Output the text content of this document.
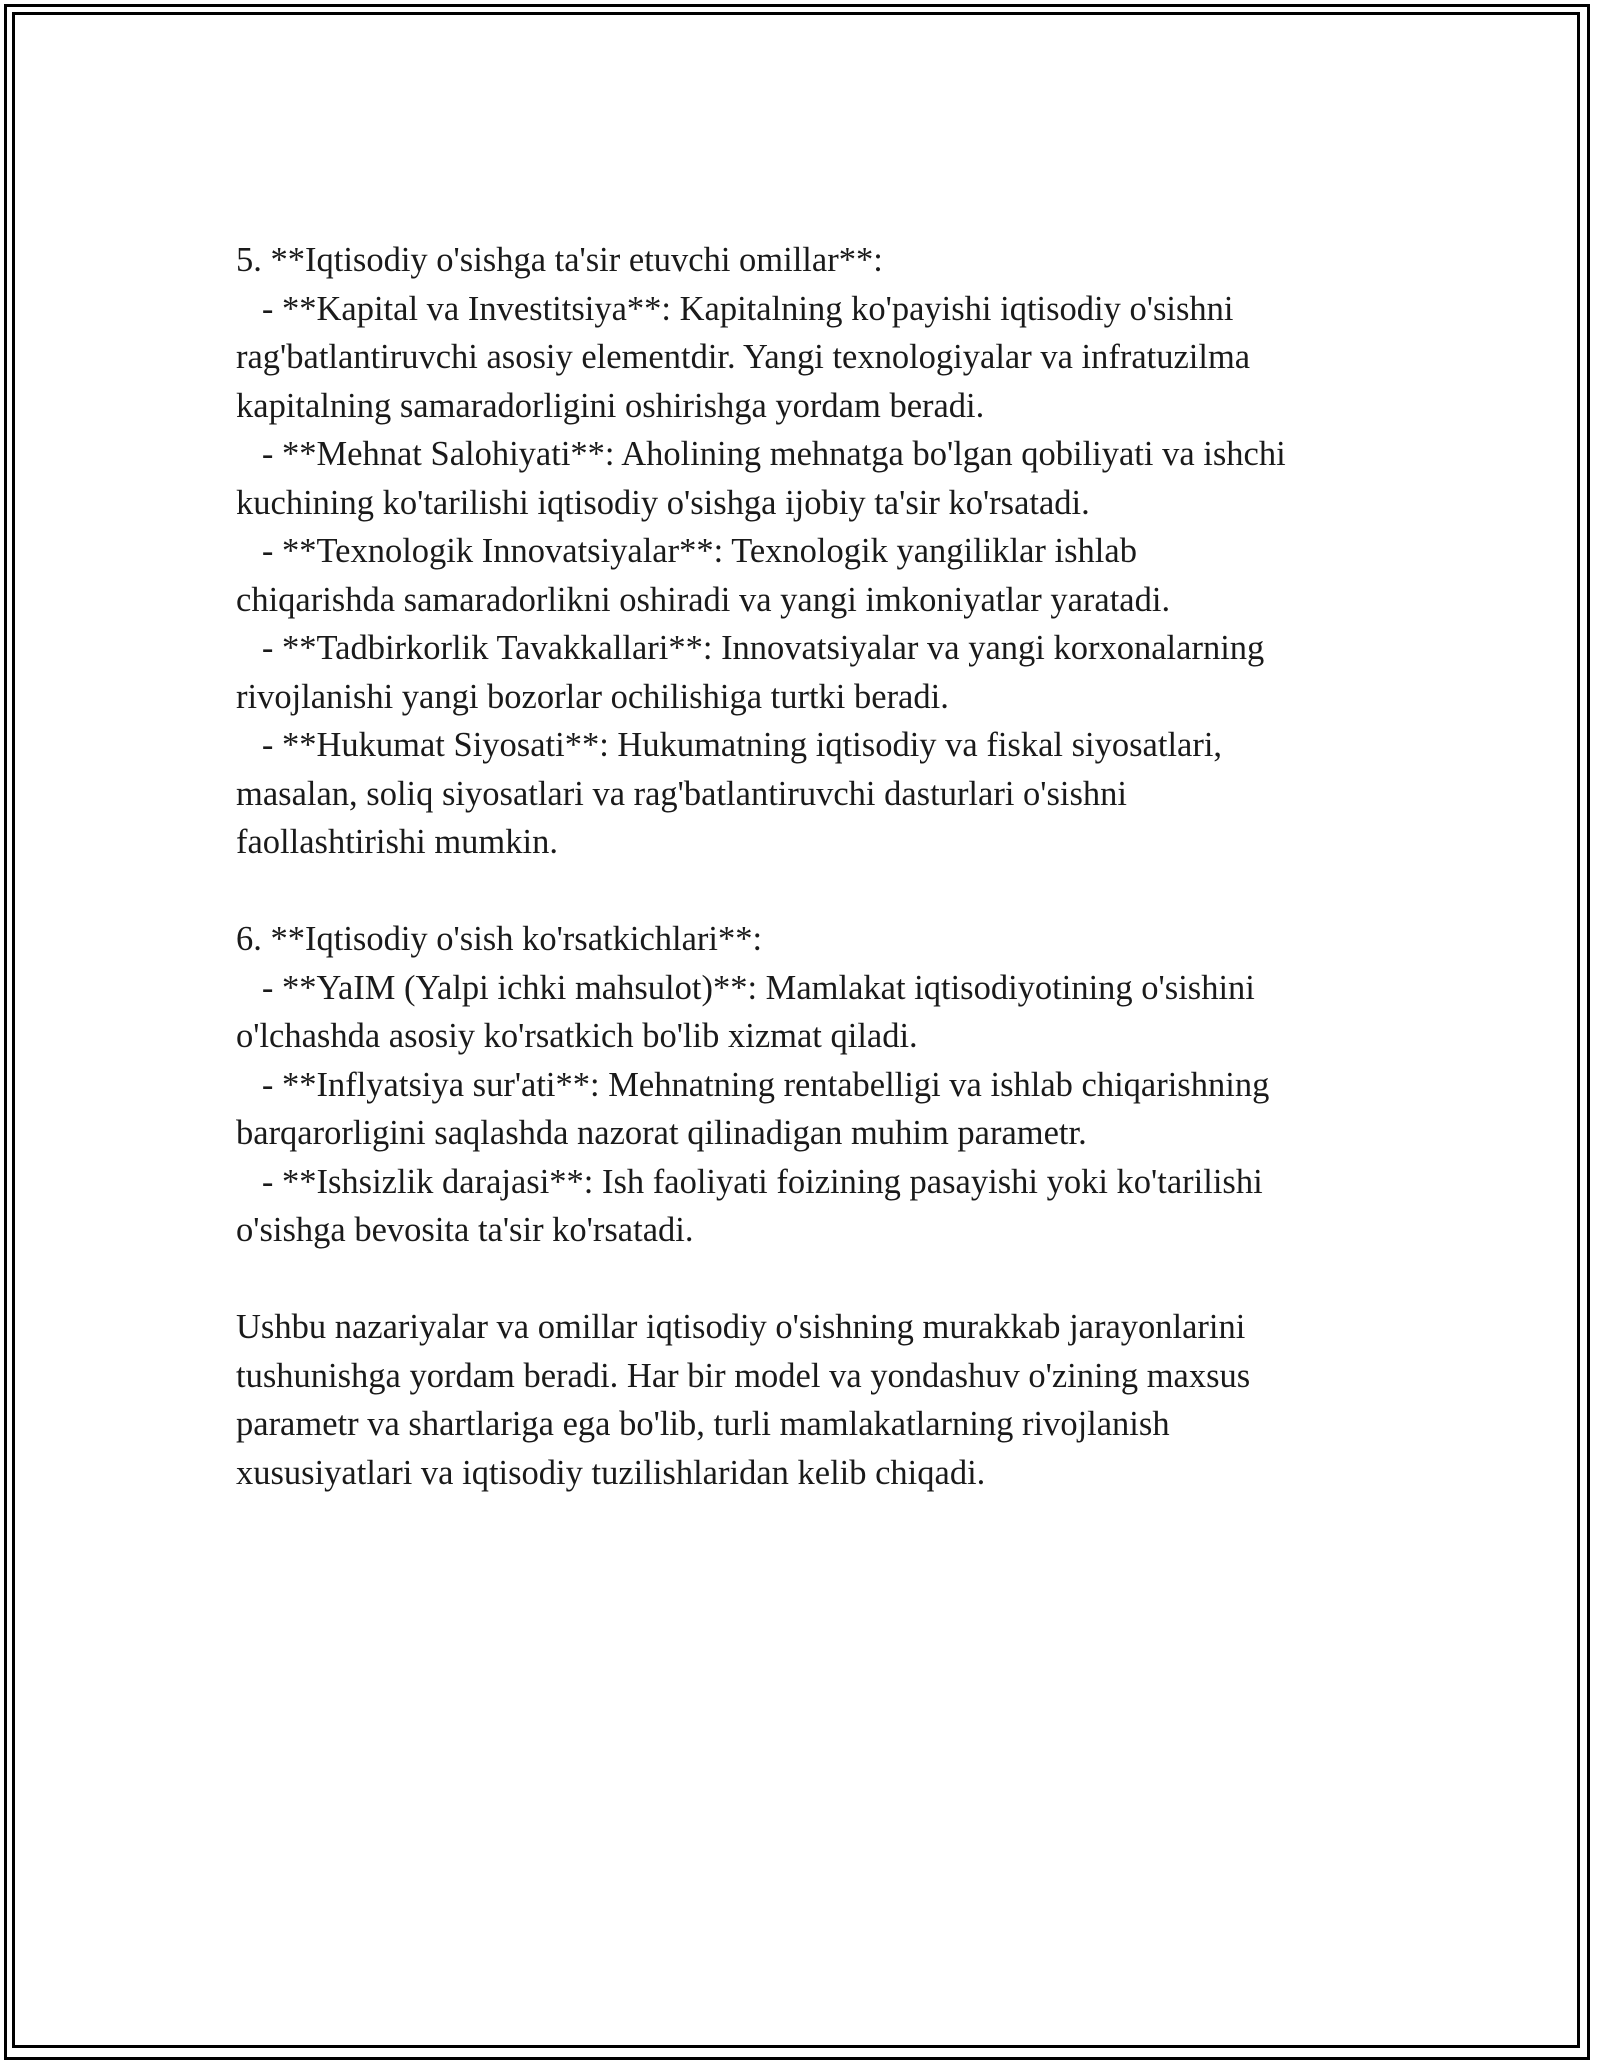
5. **Iqtisodiy o'sishga ta'sir etuvchi omillar**:

- **Kapital va Investitsiya**: Kapitalning ko'payishi iqtisodiy o'sishni

rag'batlantiruvchi asosiy elementdir. Yangi texnologiyalar va infratuzilma

kapitalning samaradorligini oshirishga yordam beradi.

- **Mehnat Salohiyati**: Aholining mehnatga bo'lgan qobiliyati va ishchi

kuchining ko'tarilishi iqtisodiy o'sishga ijobiy ta'sir ko'rsatadi.

- **Texnologik Innovatsiyalar**: Texnologik yangiliklar ishlab

chiqarishda samaradorlikni oshiradi va yangi imkoniyatlar yaratadi.

- **Tadbirkorlik Tavakkallari**: Innovatsiyalar va yangi korxonalarning

rivojlanishi yangi bozorlar ochilishiga turtki beradi.

- **Hukumat Siyosati**: Hukumatning iqtisodiy va fiskal siyosatlari,

masalan, soliq siyosatlari va rag'batlantiruvchi dasturlari o'sishni

faollashtirishi mumkin.

6. **Iqtisodiy o'sish ko'rsatkichlari**:

- **YaIM (Yalpi ichki mahsulot)**: Mamlakat iqtisodiyotining o'sishini

o'lchashda asosiy ko'rsatkich bo'lib xizmat qiladi.

- **Inflyatsiya sur'ati**: Mehnatning rentabelligi va ishlab chiqarishning

barqarorligini saqlashda nazorat qilinadigan muhim parametr.

- **Ishsizlik darajasi**: Ish faoliyati foizining pasayishi yoki ko'tarilishi

o'sishga bevosita ta'sir ko'rsatadi.

Ushbu nazariyalar va omillar iqtisodiy o'sishning murakkab jarayonlarini

tushunishga yordam beradi. Har bir model va yondashuv o'zining maxsus

parametr va shartlariga ega bo'lib, turli mamlakatlarning rivojlanish

xususiyatlari va iqtisodiy tuzilishlaridan kelib chiqadi.
